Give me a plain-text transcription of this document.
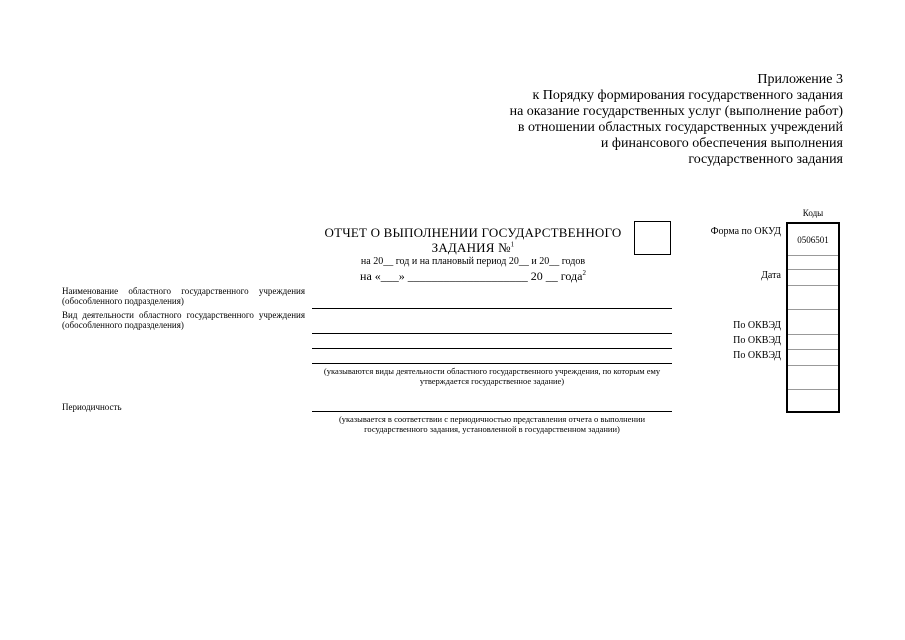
Приложение 3
к Порядку формирования государственного задания
на оказание государственных услуг (выполнение работ)
в отношении областных государственных учреждений
и финансового обеспечения выполнения
государственного задания
ОТЧЕТ О ВЫПОЛНЕНИИ ГОСУДАРСТВЕННОГО
ЗАДАНИЯ №$^1$
на 20__ год и на плановый период 20__ и 20__ годов
на «___» ____________________ 20 __ года$^2$
Наименование областного государственного учреждения (обособленного подразделения)
Вид деятельности областного государственного учреждения (обособленного подразделения)
Периодичность
(указываются виды деятельности областного государственного учреждения, по которым ему утверждается государственное задание)
(указывается в соответствии с периодичностью представления отчета о выполнении государственного задания, установленной в государственном задании)
Коды
0506501
Форма по ОКУД
Дата
По ОКВЭД
По ОКВЭД
По ОКВЭД
